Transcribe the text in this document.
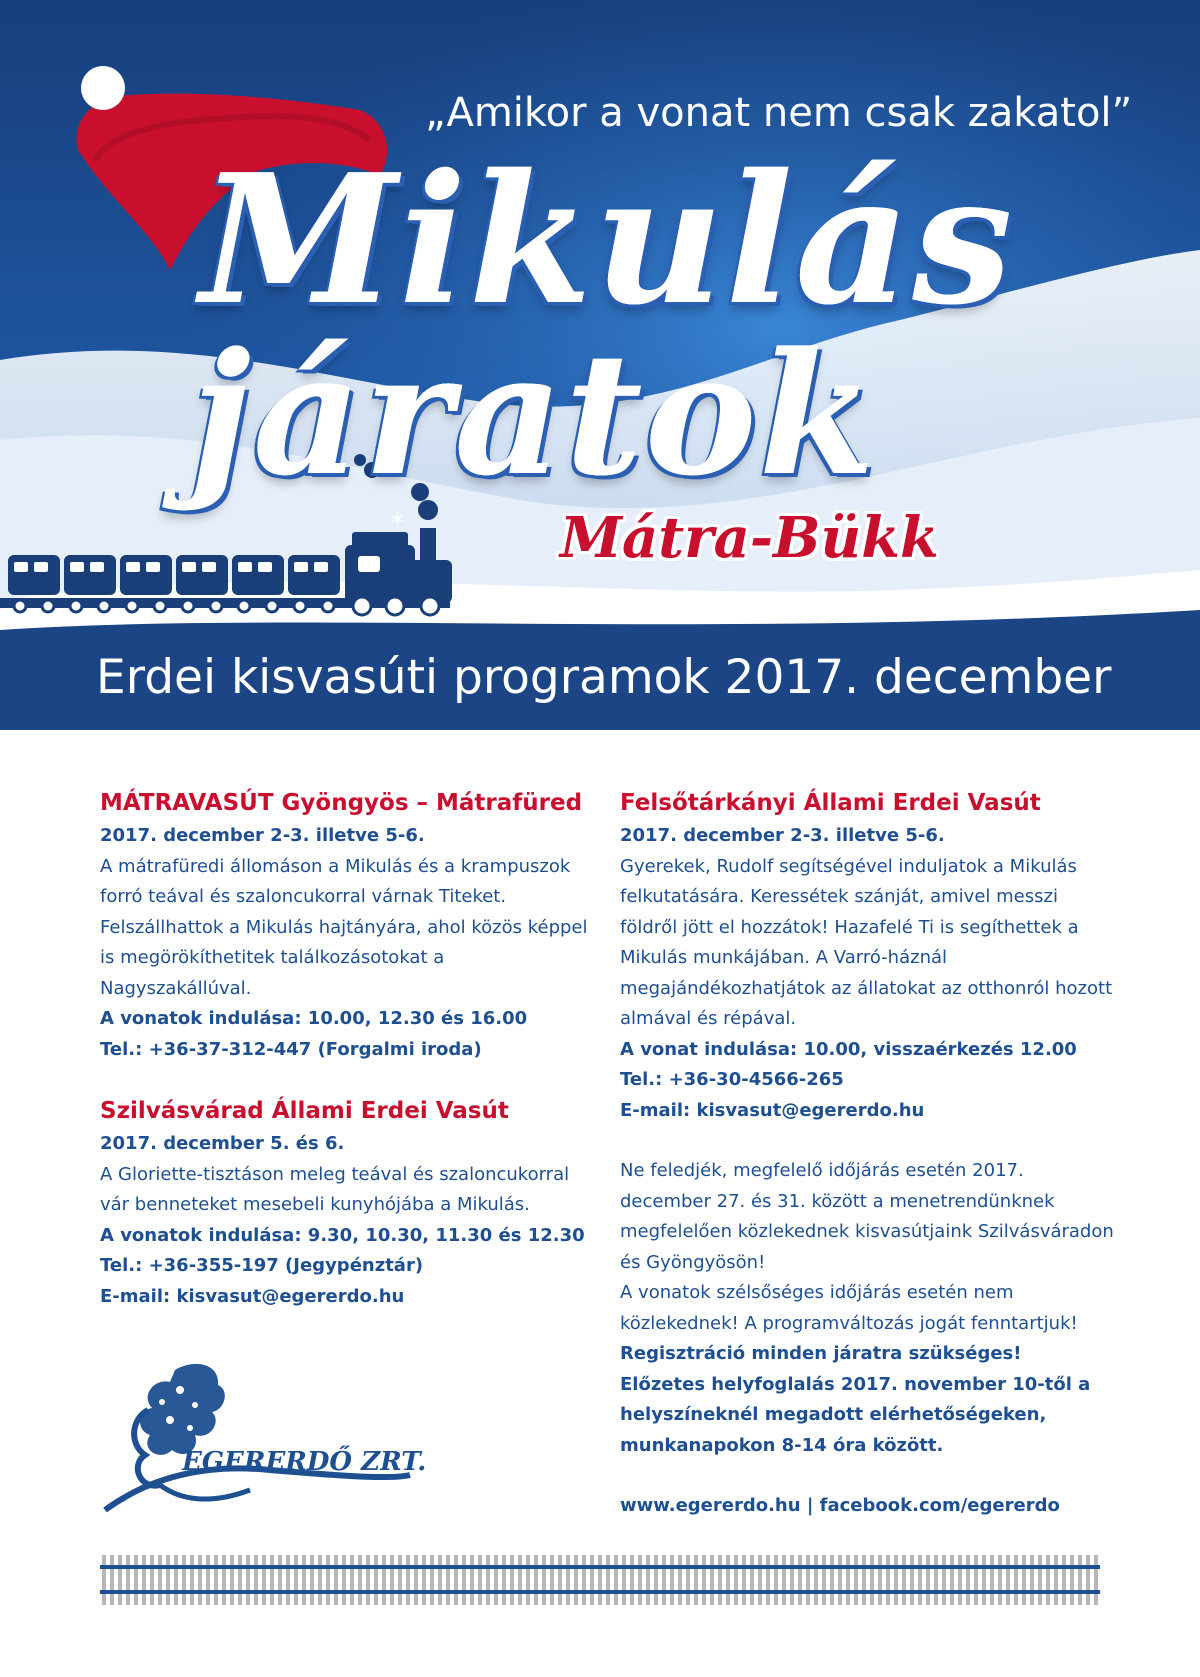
✶
„Amikor a vonat nem csak zakatol”
Mikulás
járatok
Mátra-Bükk
Erdei kisvasúti programok 2017. december
MÁTRAVASÚT Gyöngyös – Mátrafüred

2017. december 2-3. illetve 5-6.

A mátrafüredi állomáson a Mikulás és a krampuszok

forró teával és szaloncukorral várnak Titeket.

Felszállhattok a Mikulás hajtányára, ahol közös képpel

is megörökíthetitek találkozásotokat a

Nagyszakállúval.

A vonatok indulása: 10.00, 12.30 és 16.00

Tel.: +36-37-312-447 (Forgalmi iroda)

Szilvásvárad Állami Erdei Vasút

2017. december 5. és 6.

A Gloriette-tisztáson meleg teával és szaloncukorral

vár benneteket mesebeli kunyhójába a Mikulás.

A vonatok indulása: 9.30, 10.30, 11.30 és 12.30

Tel.: +36-355-197 (Jegypénztár)

E-mail: kisvasut@egererdo.hu

Felsőtárkányi Állami Erdei Vasút

2017. december 2-3. illetve 5-6.

Gyerekek, Rudolf segítségével induljatok a Mikulás

felkutatására. Keressétek szánját, amivel messzi

földről jött el hozzátok! Hazafelé Ti is segíthettek a

Mikulás munkájában. A Varró-háznál

megajándékozhatjátok az állatokat az otthonról hozott

almával és répával.

A vonat indulása: 10.00, visszaérkezés 12.00

Tel.: +36-30-4566-265

E-mail: kisvasut@egererdo.hu

Ne feledjék, megfelelő időjárás esetén 2017.

december 27. és 31. között a menetrendünknek

megfelelően közlekednek kisvasútjaink Szilvásváradon

és Gyöngyösön!

A vonatok szélsőséges időjárás esetén nem

közlekednek! A programváltozás jogát fenntartjuk!

Regisztráció minden járatra szükséges!

Előzetes helyfoglalás 2017. november 10-től a

helyszíneknél megadott elérhetőségeken,

munkanapokon 8-14 óra között.

www.egererdo.hu | facebook.com/egererdo

EGERERDŐ ZRT.
